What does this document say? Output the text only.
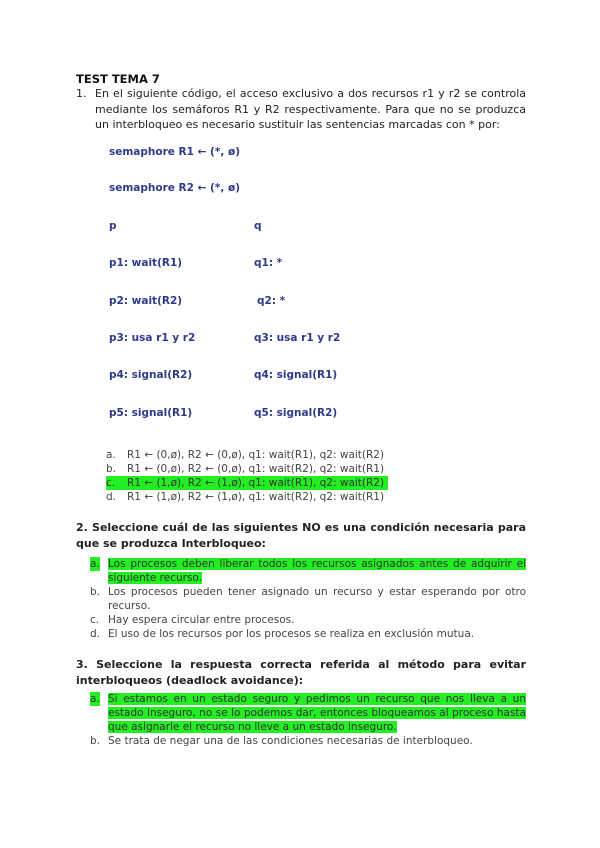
TEST TEMA 7
1. En el siguiente código, el acceso exclusivo a dos recursos r1 y r2 se controla mediante los semáforos R1 y R2 respectivamente. Para que no se produzca un interbloqueo es necesario sustituir las sentencias marcadas con * por:
semaphore R1 ← (*, ø)
semaphore R2 ← (*, ø)
a. R1 ← (0,ø), R2 ← (0,ø), q1: wait(R1), q2: wait(R2)
b. R1 ← (0,ø), R2 ← (0,ø), q1: wait(R2), q2: wait(R1)
c. R1 ← (1,ø), R2 ← (1,ø), q1: wait(R1), q2: wait(R2)
d. R1 ← (1,ø), R2 ← (1,ø), q1: wait(R2), q2: wait(R1)
2. Seleccione cuál de las siguientes NO es una condición necesaria para que se produzca Interbloqueo:
a. Los procesos deben liberar todos los recursos asignados antes de adquirir el siguiente recurso.
b. Los procesos pueden tener asignado un recurso y estar esperando por otro recurso.
c. Hay espera circular entre procesos.
d. El uso de los recursos por los procesos se realiza en exclusión mutua.
3. Seleccione la respuesta correcta referida al método para evitar interbloqueos (deadlock avoidance):
a. Si estamos en un estado seguro y pedimos un recurso que nos lleva a un estado inseguro, no se lo podemos dar, entonces bloqueamos al proceso hasta que asignarle el recurso no lleve a un estado inseguro.
b. Se trata de negar una de las condiciones necesarias de interbloqueo.
p	q
p1: wait(R1)	q1: *
p2: wait(R2)	q2: *
p3: usa r1 y r2	q3: usa r1 y r2
p4: signal(R2)	q4: signal(R1)
p5: signal(R1)	q5: signal(R2)
